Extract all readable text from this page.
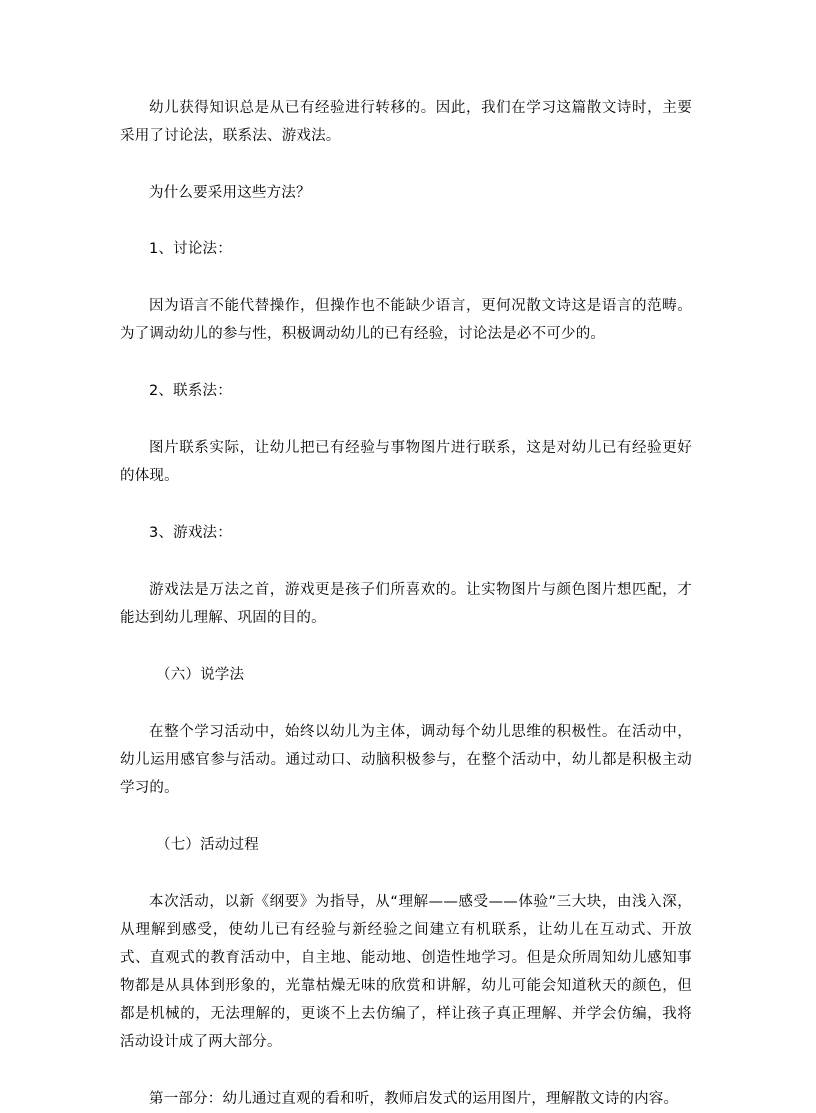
幼儿获得知识总是从已有经验进行转移的。因此，我们在学习这篇散文诗时，主要采用了讨论法，联系法、游戏法。

为什么要采用这些方法？

1、讨论法：

因为语言不能代替操作，但操作也不能缺少语言，更何况散文诗这是语言的范畴。为了调动幼儿的参与性，积极调动幼儿的已有经验，讨论法是必不可少的。

2、联系法：

图片联系实际，让幼儿把已有经验与事物图片进行联系，这是对幼儿已有经验更好的体现。

3、游戏法：

游戏法是万法之首，游戏更是孩子们所喜欢的。让实物图片与颜色图片想匹配，才能达到幼儿理解、巩固的目的。

（六）说学法

在整个学习活动中，始终以幼儿为主体，调动每个幼儿思维的积极性。在活动中，幼儿运用感官参与活动。通过动口、动脑积极参与，在整个活动中，幼儿都是积极主动学习的。

（七）活动过程

本次活动，以新《纲要》为指导，从“理解——感受——体验”三大块，由浅入深，从理解到感受，使幼儿已有经验与新经验之间建立有机联系，让幼儿在互动式、开放式、直观式的教育活动中，自主地、能动地、创造性地学习。但是众所周知幼儿感知事物都是从具体到形象的，光靠枯燥无味的欣赏和讲解，幼儿可能会知道秋天的颜色，但都是机械的，无法理解的，更谈不上去仿编了，样让孩子真正理解、并学会仿编，我将活动设计成了两大部分。

第一部分：幼儿通过直观的看和听，教师启发式的运用图片，理解散文诗的内容。
